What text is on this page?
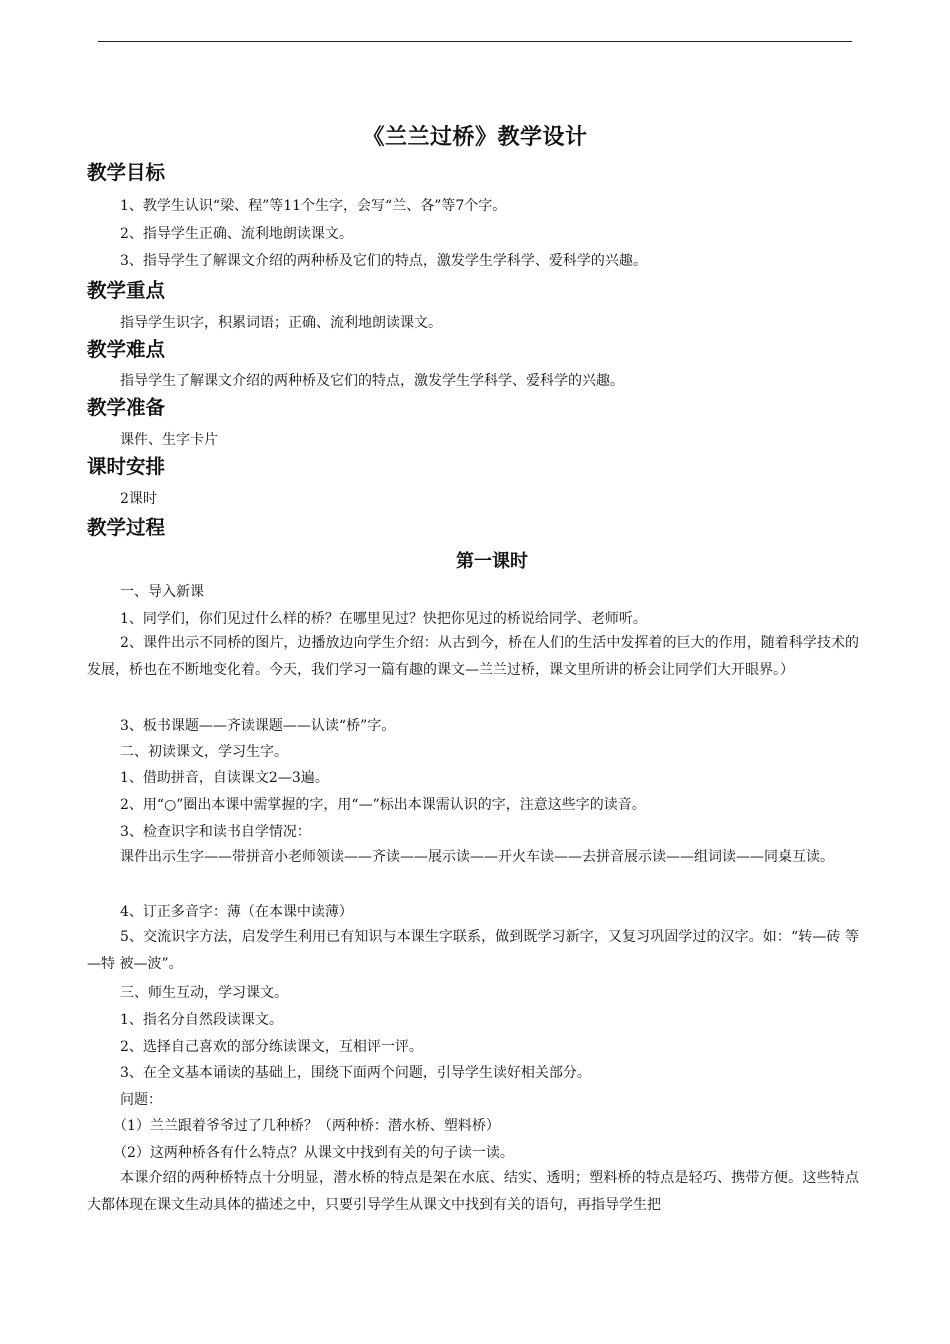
《兰兰过桥》教学设计
教学目标
1、教学生认识“梁、程”等11个生字，会写“兰、各”等7个字。
2、指导学生正确、流利地朗读课文。
3、指导学生了解课文介绍的两种桥及它们的特点，激发学生学科学、爱科学的兴趣。
教学重点
指导学生识字，积累词语；正确、流利地朗读课文。
教学难点
指导学生了解课文介绍的两种桥及它们的特点，激发学生学科学、爱科学的兴趣。
教学准备
课件、生字卡片
课时安排
2课时
教学过程
第一课时
一、导入新课
1、同学们，你们见过什么样的桥？在哪里见过？快把你见过的桥说给同学、老师听。
2、课件出示不同桥的图片，边播放边向学生介绍：从古到今，桥在人们的生活中发挥着的巨大的作用，随着科学技术的发展，桥也在不断地变化着。今天，我们学习一篇有趣的课文—兰兰过桥，课文里所讲的桥会让同学们大开眼界。）
3、板书课题——齐读课题——认读“桥”字。
二、初读课文，学习生字。
1、借助拼音，自读课文2—3遍。
2、用“○”圈出本课中需掌握的字，用“—”标出本课需认识的字，注意这些字的读音。
3、检查识字和读书自学情况：
课件出示生字——带拼音小老师领读——齐读——展示读——开火车读——去拼音展示读——组词读——同桌互读。
4、订正多音字：薄（在本课中读薄）
5、交流识字方法，启发学生利用已有知识与本课生字联系，做到既学习新字，又复习巩固学过的汉字。如：“转—砖 等—特 被—波”。
三、师生互动，学习课文。
1、指名分自然段读课文。
2、选择自己喜欢的部分练读课文，互相评一评。
3、在全文基本诵读的基础上，围绕下面两个问题，引导学生读好相关部分。
问题：
（1）兰兰跟着爷爷过了几种桥？（两种桥：潜水桥、塑料桥）
（2）这两种桥各有什么特点？从课文中找到有关的句子读一读。
本课介绍的两种桥特点十分明显，潜水桥的特点是架在水底、结实、透明；塑料桥的特点是轻巧、携带方便。这些特点大都体现在课文生动具体的描述之中，只要引导学生从课文中找到有关的语句，再指导学生把
